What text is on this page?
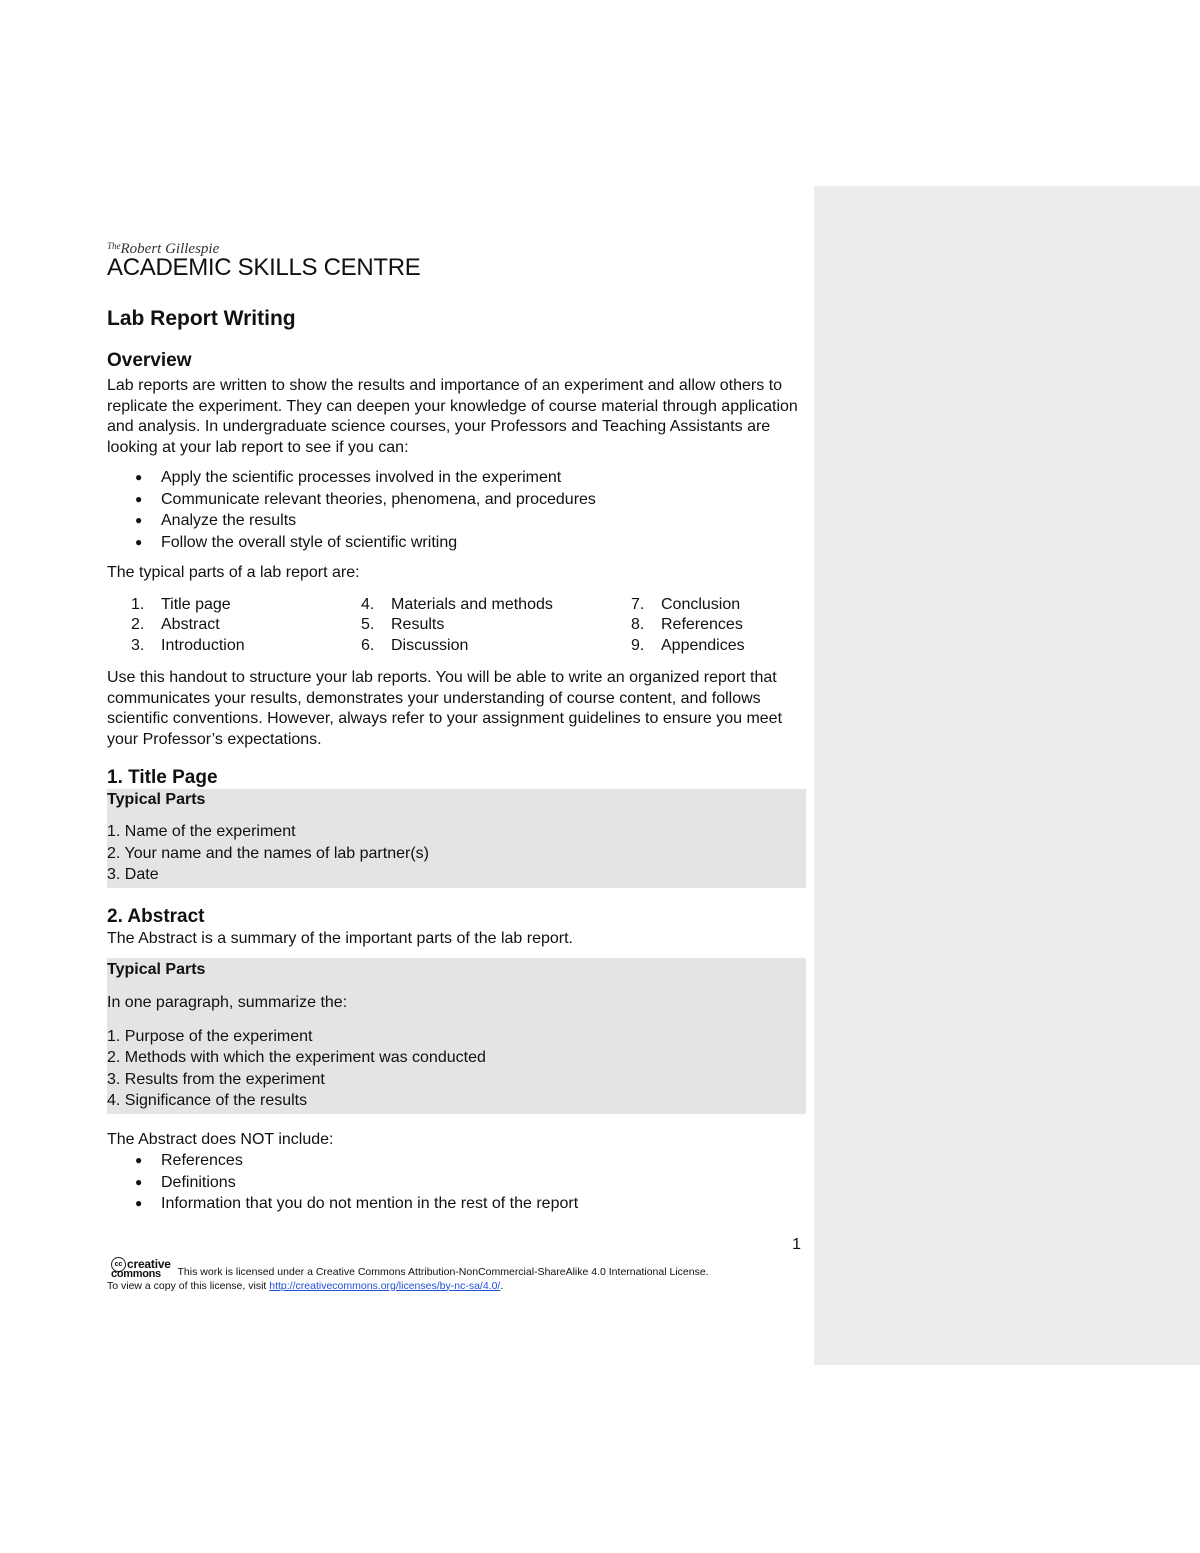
$^{The}$Robert Gillespie
ACADEMIC SKILLS CENTRE
Lab Report Writing
Overview

Lab reports are written to show the results and importance of an experiment and allow others to replicate the experiment. They can deepen your knowledge of course material through application and analysis. In undergraduate science courses, your Professors and Teaching Assistants are looking at your lab report to see if you can:

● Apply the scientific processes involved in the experiment
● Communicate relevant theories, phenomena, and procedures
● Analyze the results
● Follow the overall style of scientific writing

The typical parts of a lab report are:

1. Title page
2. Abstract
3. Introduction
4. Materials and methods
5. Results
6. Discussion
7. Conclusion
8. References
9. Appendices

Use this handout to structure your lab reports. You will be able to write an organized report that communicates your results, demonstrates your understanding of course content, and follows scientific conventions. However, always refer to your assignment guidelines to ensure you meet your Professor’s expectations.

1. Title Page
Typical Parts
1. Name of the experiment
2. Your name and the names of lab partner(s)
3. Date
2. Abstract

The Abstract is a summary of the important parts of the lab report.

Typical Parts
In one paragraph, summarize the:
1. Purpose of the experiment
2. Methods with which the experiment was conducted
3. Results from the experiment
4. Significance of the results

The Abstract does NOT include:

● References
● Definitions
● Information that you do not mention in the rest of the report
1
cc creative
commons	This work is licensed under a Creative Commons Attribution-NonCommercial-ShareAlike 4.0 International License.
To view a copy of this license, visit http://creativecommons.org/licenses/by-nc-sa/4.0/.
